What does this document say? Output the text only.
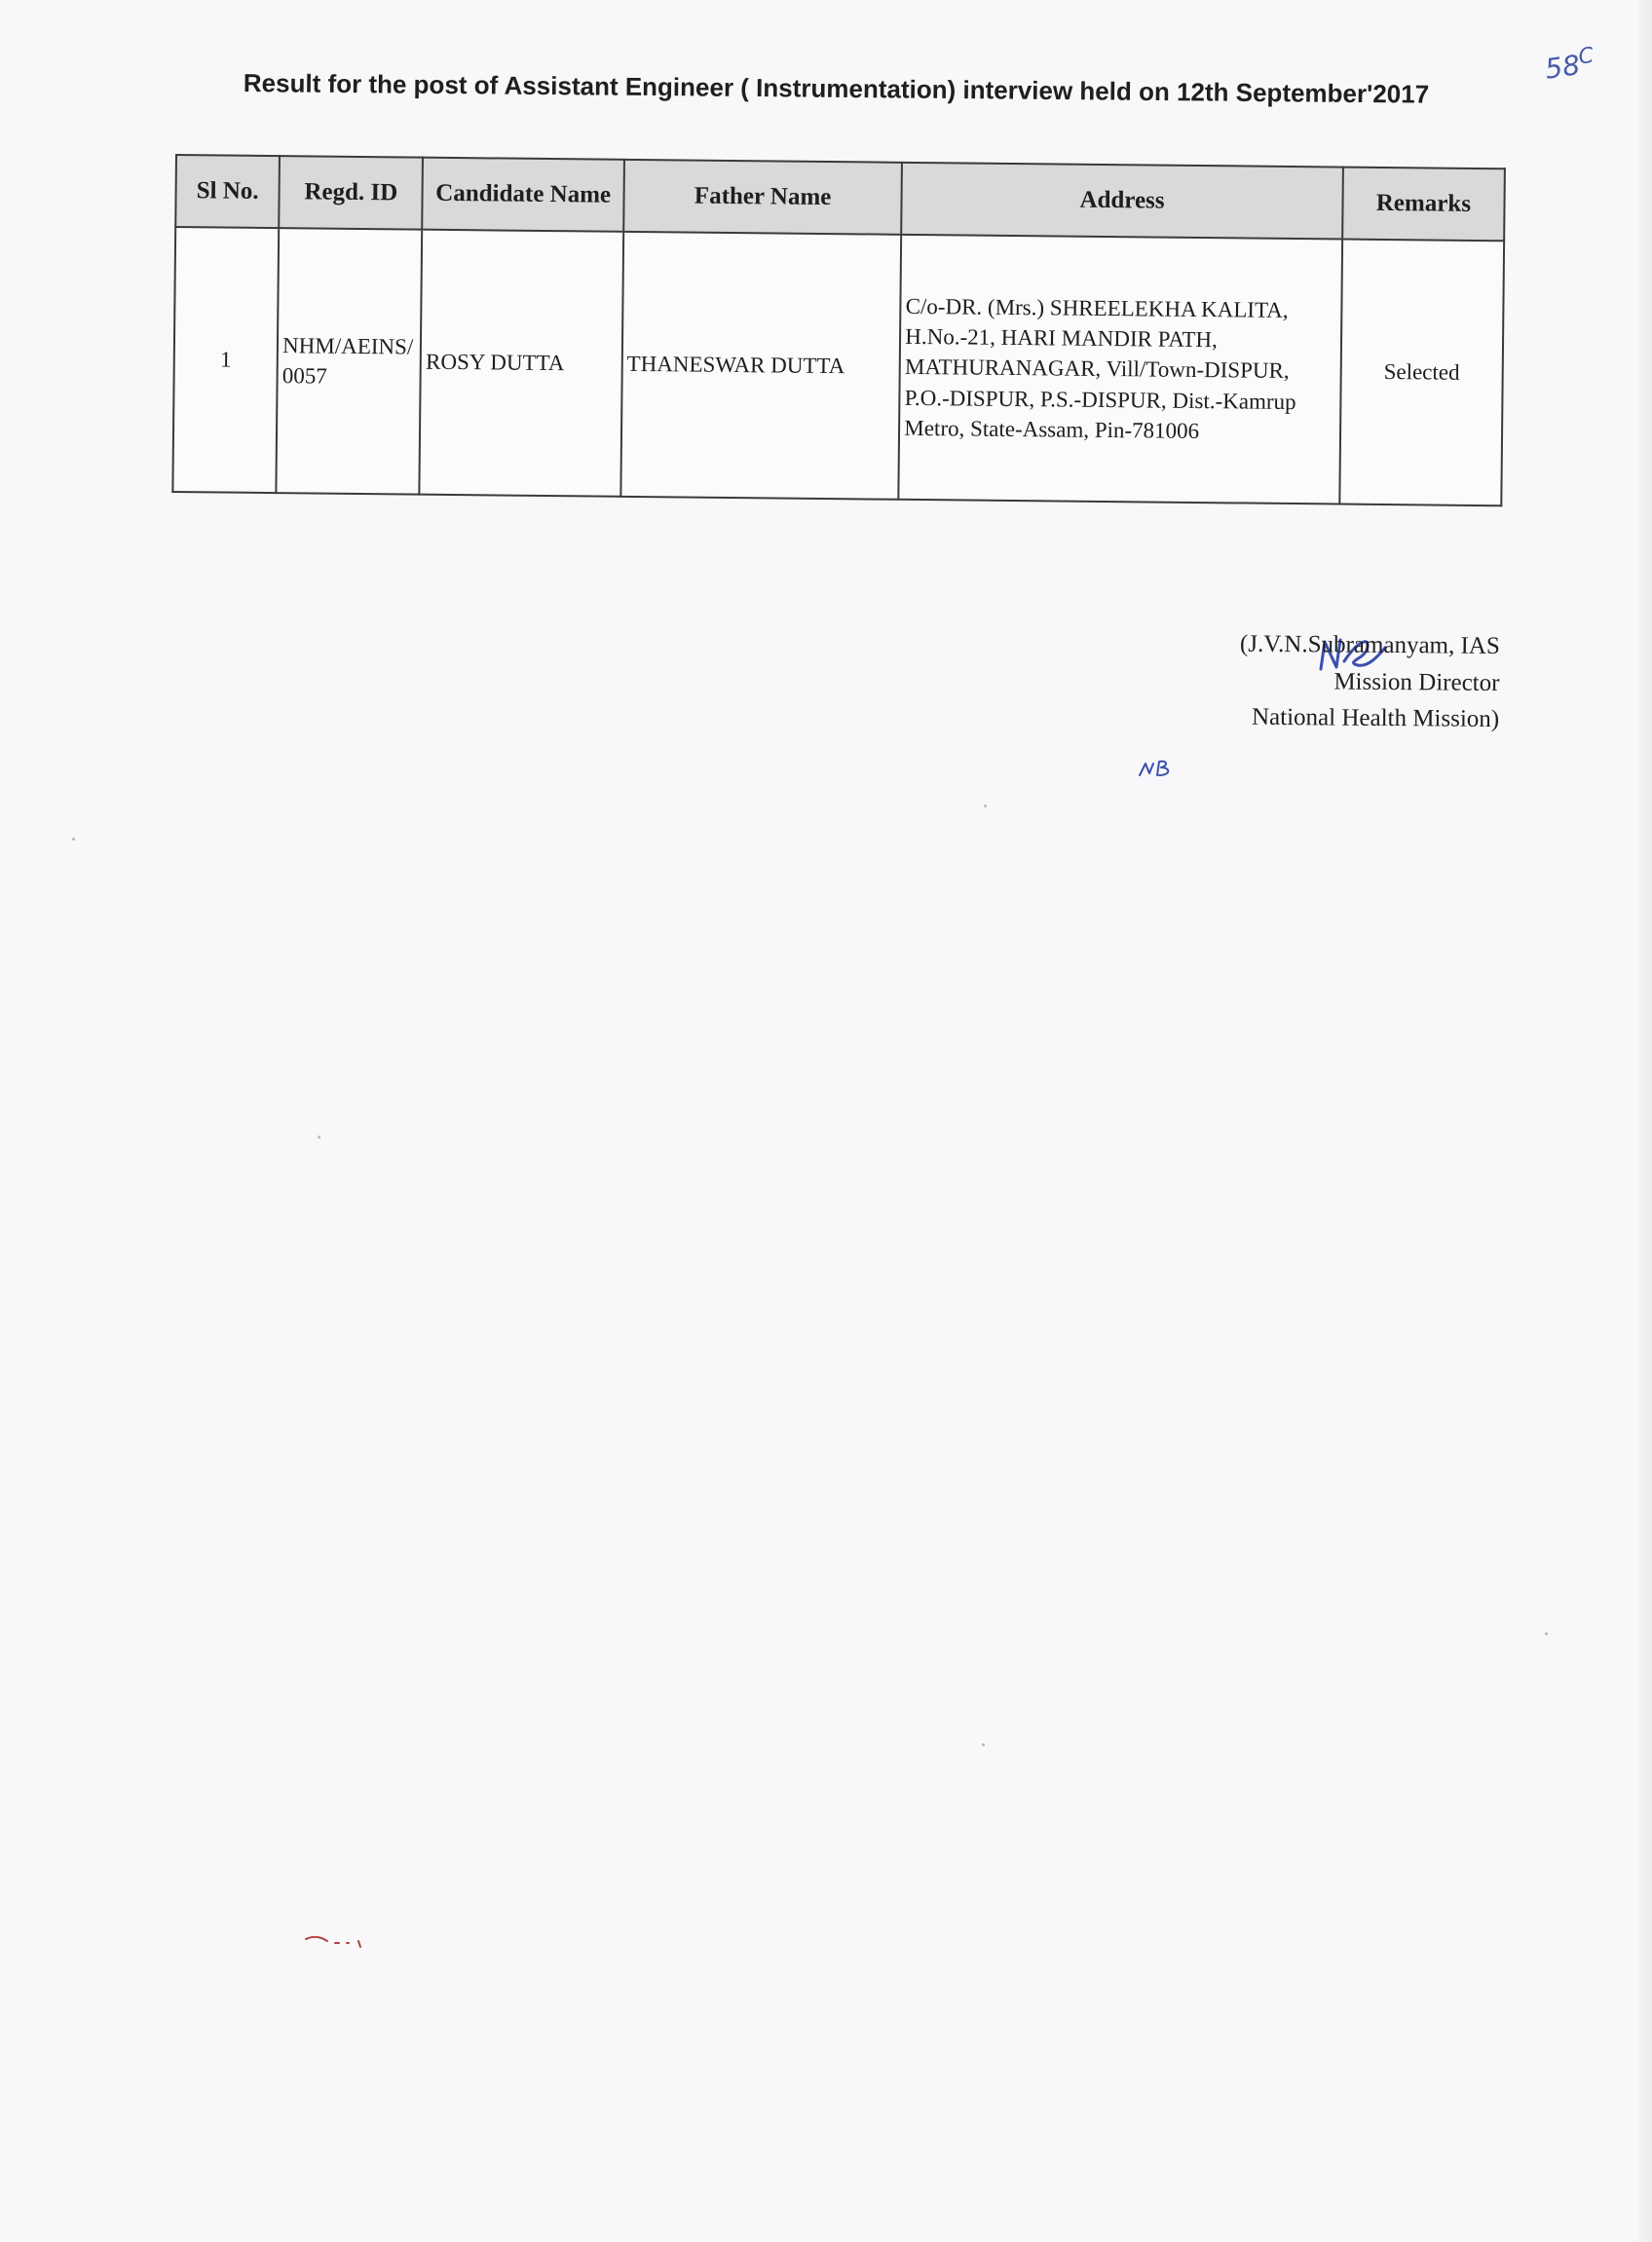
$58^C$
Result for the post of Assistant Engineer ( Instrumentation) interview held on 12th September'2017
Sl No.	Regd. ID	Candidate Name	Father Name	Address	Remarks
1	NHM/AEINS/0057	ROSY DUTTA	THANESWAR DUTTA	C/o-DR. (Mrs.) SHREELEKHA KALITA, H.No.-21, HARI MANDIR PATH, MATHURANAGAR, Vill/Town-DISPUR, P.O.-DISPUR, P.S.-DISPUR, Dist.-Kamrup Metro, State-Assam, Pin-781006	Selected
(J.V.N.Subramanyam, IAS
Mission Director
National Health Mission)
